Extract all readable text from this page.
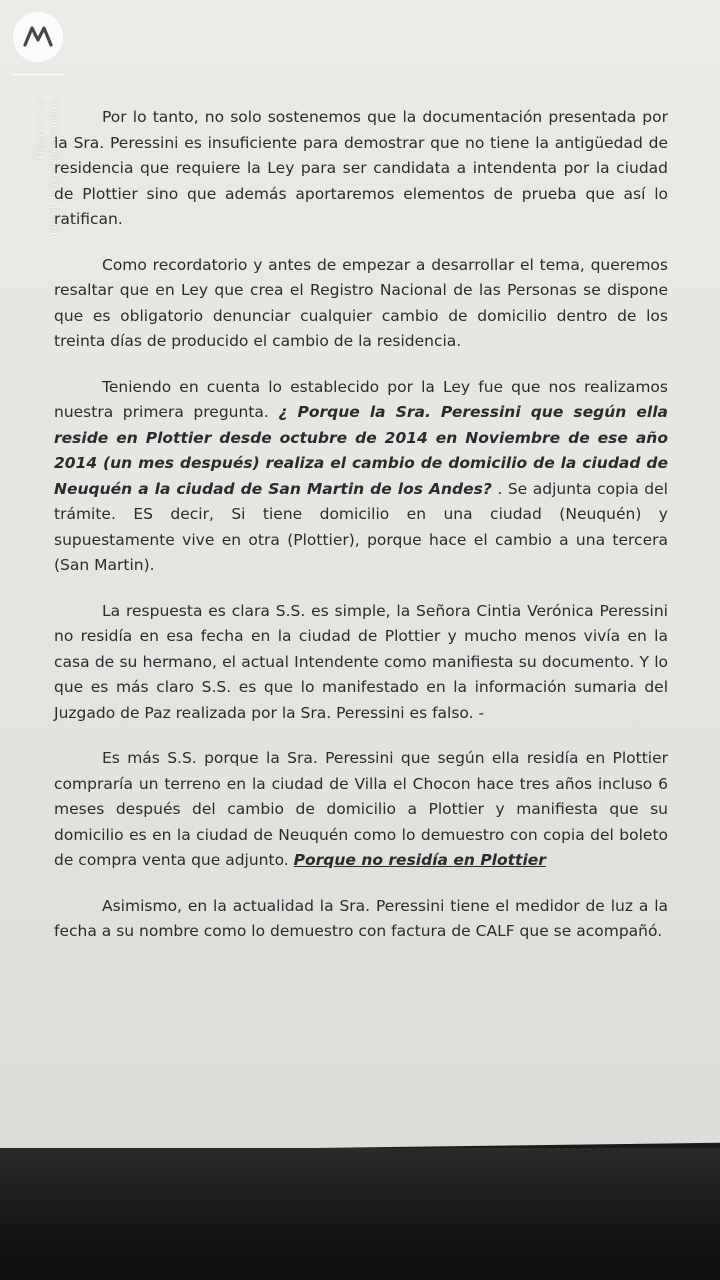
capturada en moto g⁷ power
#VamosPlottier	Por lo tanto, no solo sostenemos que la documentación presentada por la Sra. Peressini es insuficiente para demostrar que no tiene la antigüedad de residencia que requiere la Ley para ser candidata a intendenta por la ciudad de Plottier sino que además aportaremos elementos de prueba que así lo ratifican.

Como recordatorio y antes de empezar a desarrollar el tema, queremos resaltar que en Ley que crea el Registro Nacional de las Personas se dispone que es obligatorio denunciar cualquier cambio de domicilio dentro de los treinta días de producido el cambio de la residencia.

Teniendo en cuenta lo establecido por la Ley fue que nos realizamos nuestra primera pregunta. ¿ Porque la Sra. Peressini que según ella reside en Plottier desde octubre de 2014 en Noviembre de ese año 2014 (un mes después) realiza el cambio de domicilio de la ciudad de Neuquén a la ciudad de San Martin de los Andes? . Se adjunta copia del trámite. ES decir, Si tiene domicilio en una ciudad (Neuquén) y supuestamente vive en otra (Plottier), porque hace el cambio a una tercera (San Martin).

La respuesta es clara S.S. es simple, la Señora Cintia Verónica Peressini no residía en esa fecha en la ciudad de Plottier y mucho menos vivía en la casa de su hermano, el actual Intendente como manifiesta su documento. Y lo que es más claro S.S. es que lo manifestado en la información sumaria del Juzgado de Paz realizada por la Sra. Peressini es falso. -

Es más S.S. porque la Sra. Peressini que según ella residía en Plottier compraría un terreno en la ciudad de Villa el Chocon hace tres años incluso 6 meses después del cambio de domicilio a Plottier y manifiesta que su domicilio es en la ciudad de Neuquén como lo demuestro con copia del boleto de compra venta que adjunto. Porque no residía en Plottier

Asimismo, en la actualidad la Sra. Peressini tiene el medidor de luz a la fecha a su nombre como lo demuestro con factura de CALF que se acompañó.
